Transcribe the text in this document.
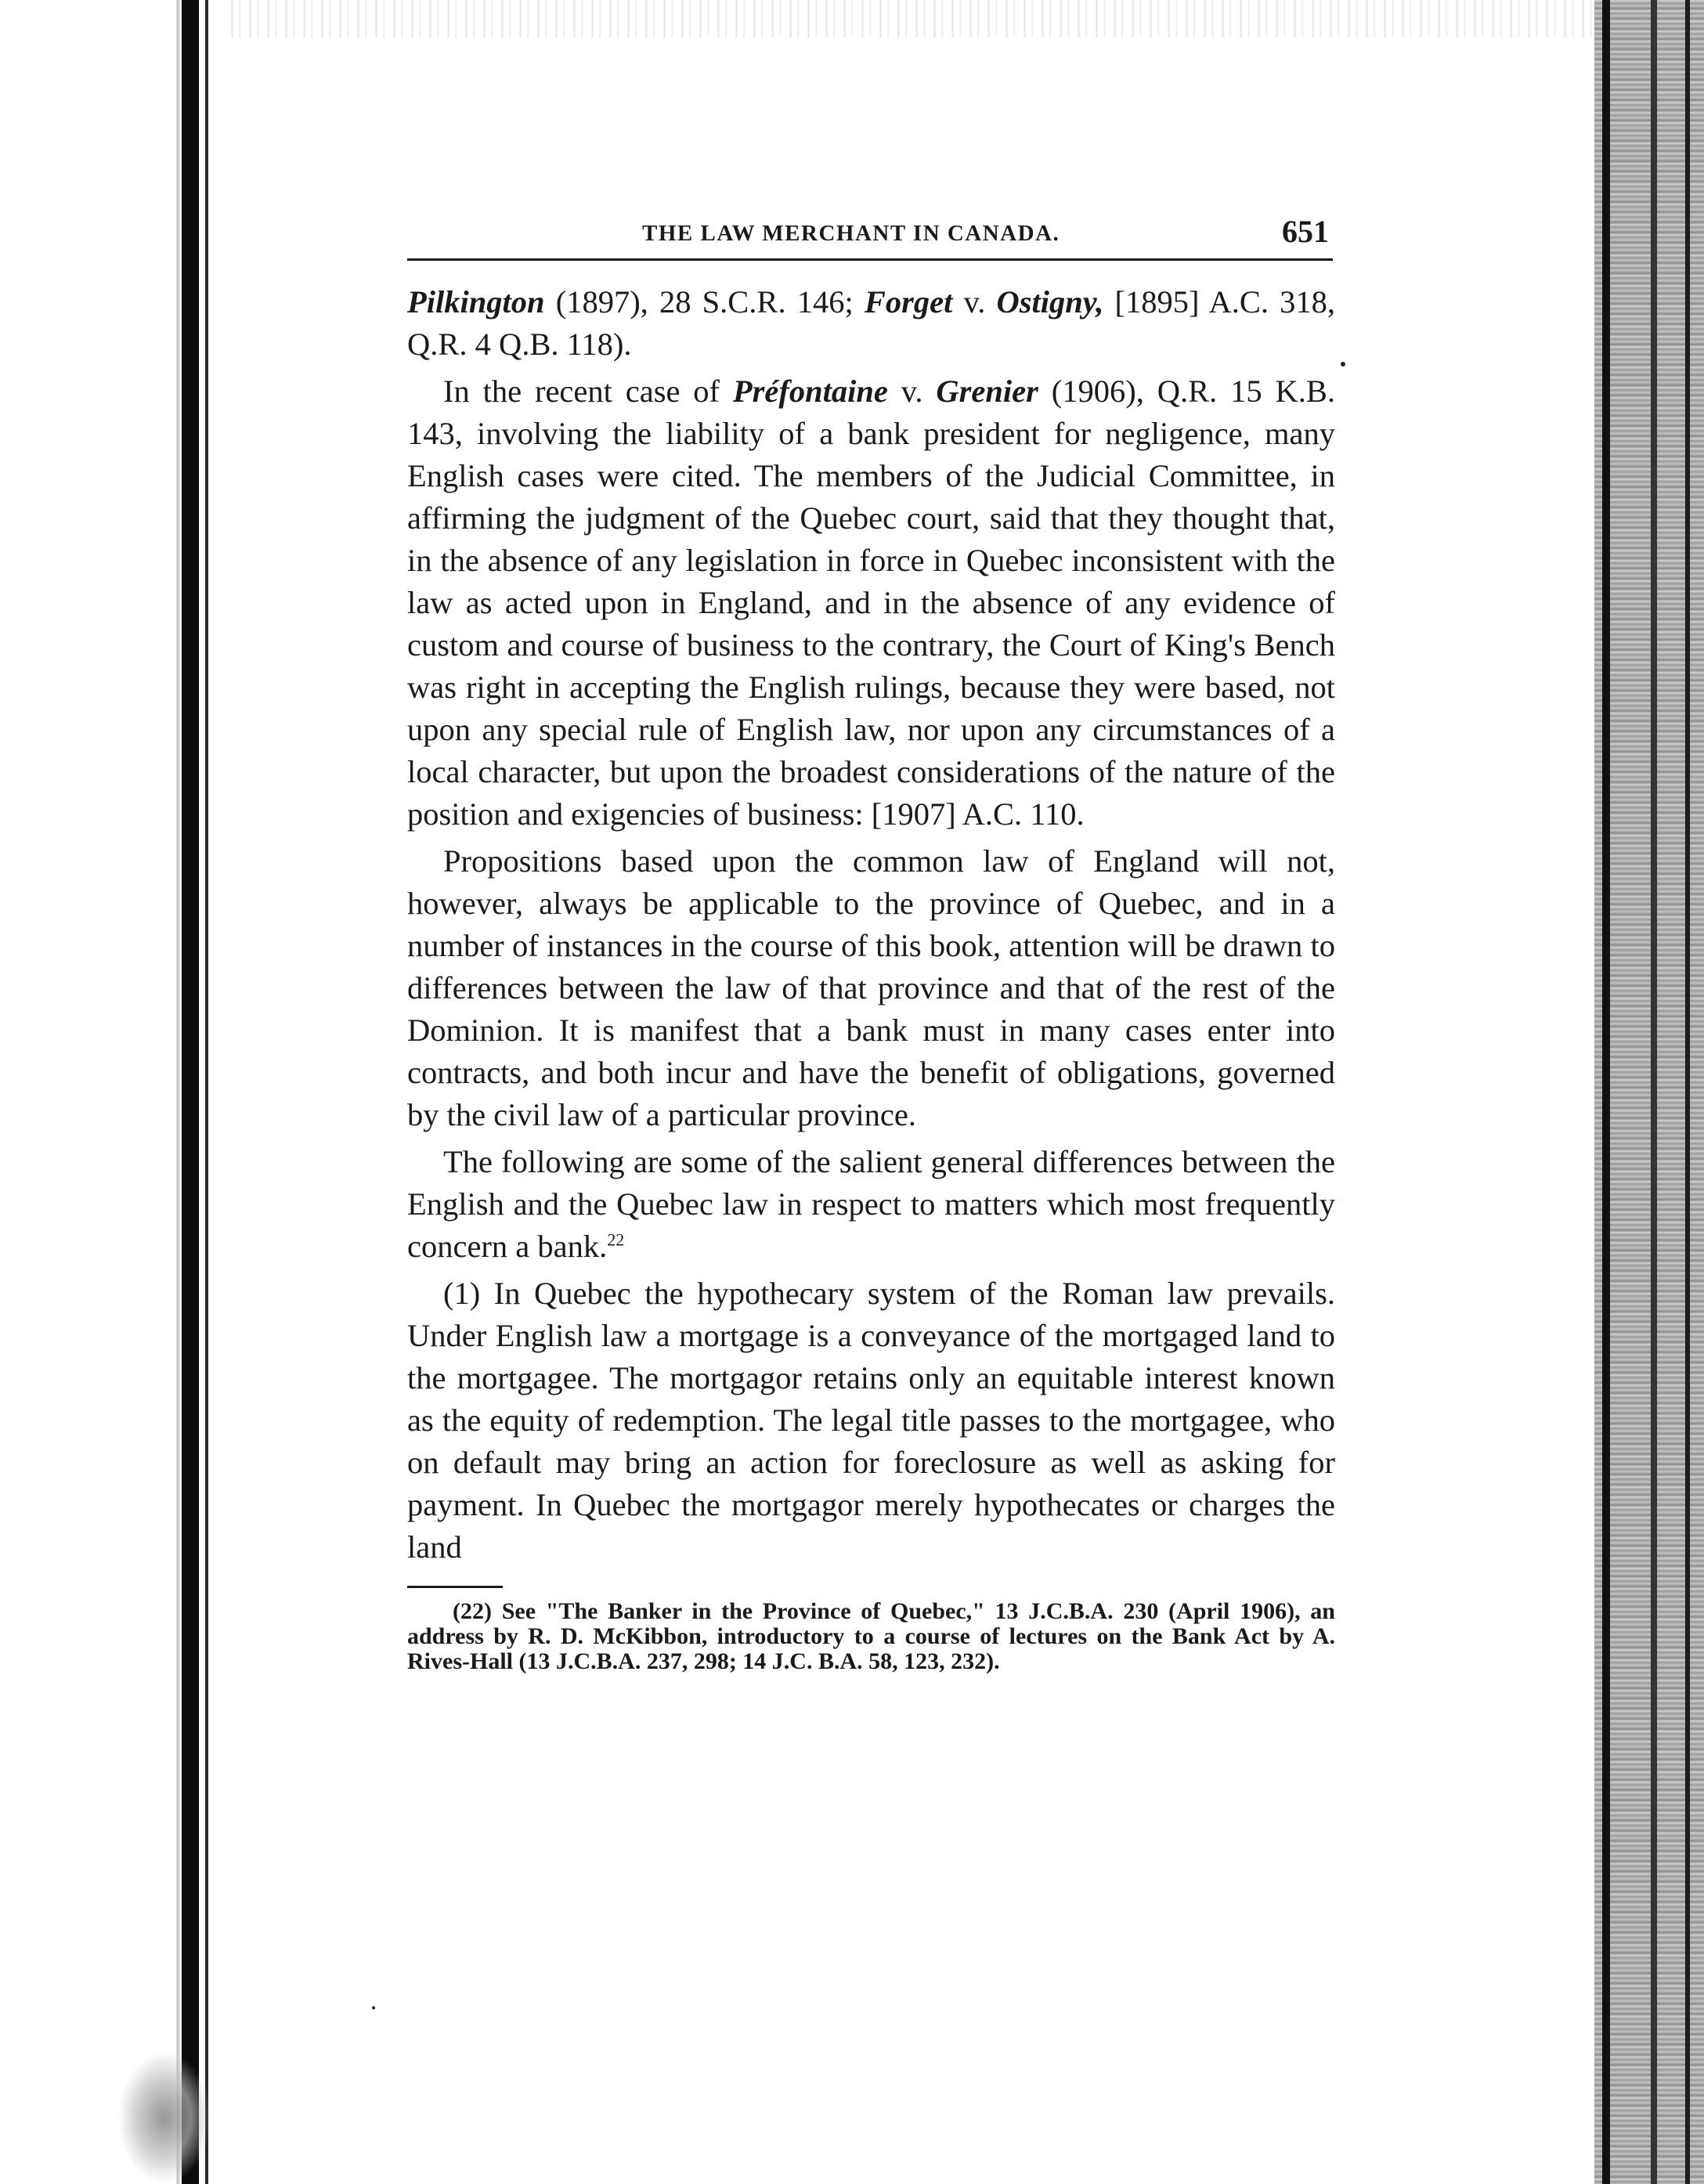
THE LAW MERCHANT IN CANADA.	651

Pilkington (1897), 28 S.C.R. 146; Forget v. Ostigny, [1895] A.C. 318, Q.R. 4 Q.B. 118).

In the recent case of Préfontaine v. Grenier (1906), Q.R. 15 K.B. 143, involving the liability of a bank president for negligence, many English cases were cited. The members of the Judicial Committee, in affirming the judgment of the Quebec court, said that they thought that, in the absence of any legislation in force in Quebec inconsistent with the law as acted upon in England, and in the absence of any evidence of custom and course of business to the contrary, the Court of King's Bench was right in accepting the English rulings, because they were based, not upon any special rule of English law, nor upon any circumstances of a local character, but upon the broadest considerations of the nature of the position and exigencies of business: [1907] A.C. 110.

Propositions based upon the common law of England will not, however, always be applicable to the province of Quebec, and in a number of instances in the course of this book, attention will be drawn to differences between the law of that province and that of the rest of the Dominion. It is manifest that a bank must in many cases enter into contracts, and both incur and have the benefit of obligations, governed by the civil law of a particular province.

The following are some of the salient general differences between the English and the Quebec law in respect to matters which most frequently concern a bank.$^{22}$

(1) In Quebec the hypothecary system of the Roman law prevails. Under English law a mortgage is a conveyance of the mortgaged land to the mortgagee. The mortgagor retains only an equitable interest known as the equity of redemption. The legal title passes to the mortgagee, who on default may bring an action for foreclosure as well as asking for payment. In Quebec the mortgagor merely hypothecates or charges the land

(22) See "The Banker in the Province of Quebec," 13 J.C.B.A. 230 (April 1906), an address by R. D. McKibbon, introductory to a course of lectures on the Bank Act by A. Rives-Hall (13 J.C.B.A. 237, 298; 14 J.C. B.A. 58, 123, 232).
